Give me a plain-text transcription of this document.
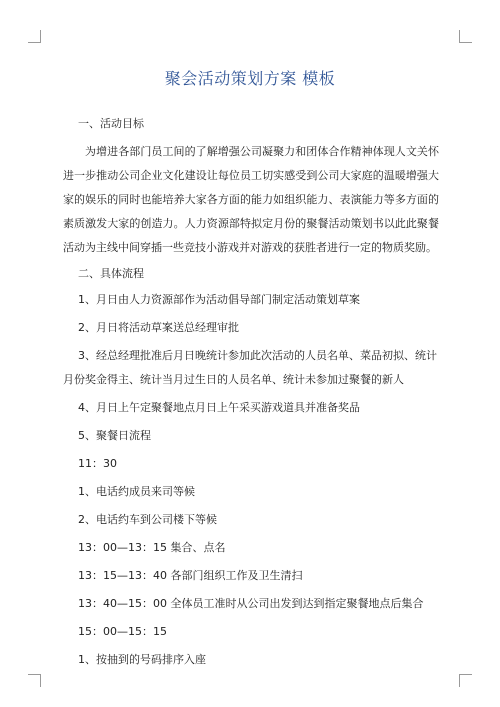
聚会活动策划方案 模板

一、活动目标

为增进各部门员工间的了解增强公司凝聚力和团体合作精神体现人文关怀进一步推动公司企业文化建设让每位员工切实感受到公司大家庭的温暖增强大家的娱乐的同时也能培养大家各方面的能力如组织能力、表演能力等多方面的素质激发大家的创造力。人力资源部特拟定月份的聚餐活动策划书以此此聚餐活动为主线中间穿插一些竞技小游戏并对游戏的获胜者进行一定的物质奖励。

二、具体流程

1、月日由人力资源部作为活动倡导部门制定活动策划草案

2、月日将活动草案送总经理审批

3、经总经理批准后月日晚统计参加此次活动的人员名单、菜品初拟、统计月份奖金得主、统计当月过生日的人员名单、统计未参加过聚餐的新人

4、月日上午定聚餐地点月日上午采买游戏道具并准备奖品

5、聚餐日流程

11：30

1、电话约成员来司等候

2、电话约车到公司楼下等候

13：00—13：15 集合、点名

13：15—13：40 各部门组织工作及卫生清扫

13：40—15：00 全体员工准时从公司出发到达到指定聚餐地点后集合

15：00—15：15

1、按抽到的号码排序入座
